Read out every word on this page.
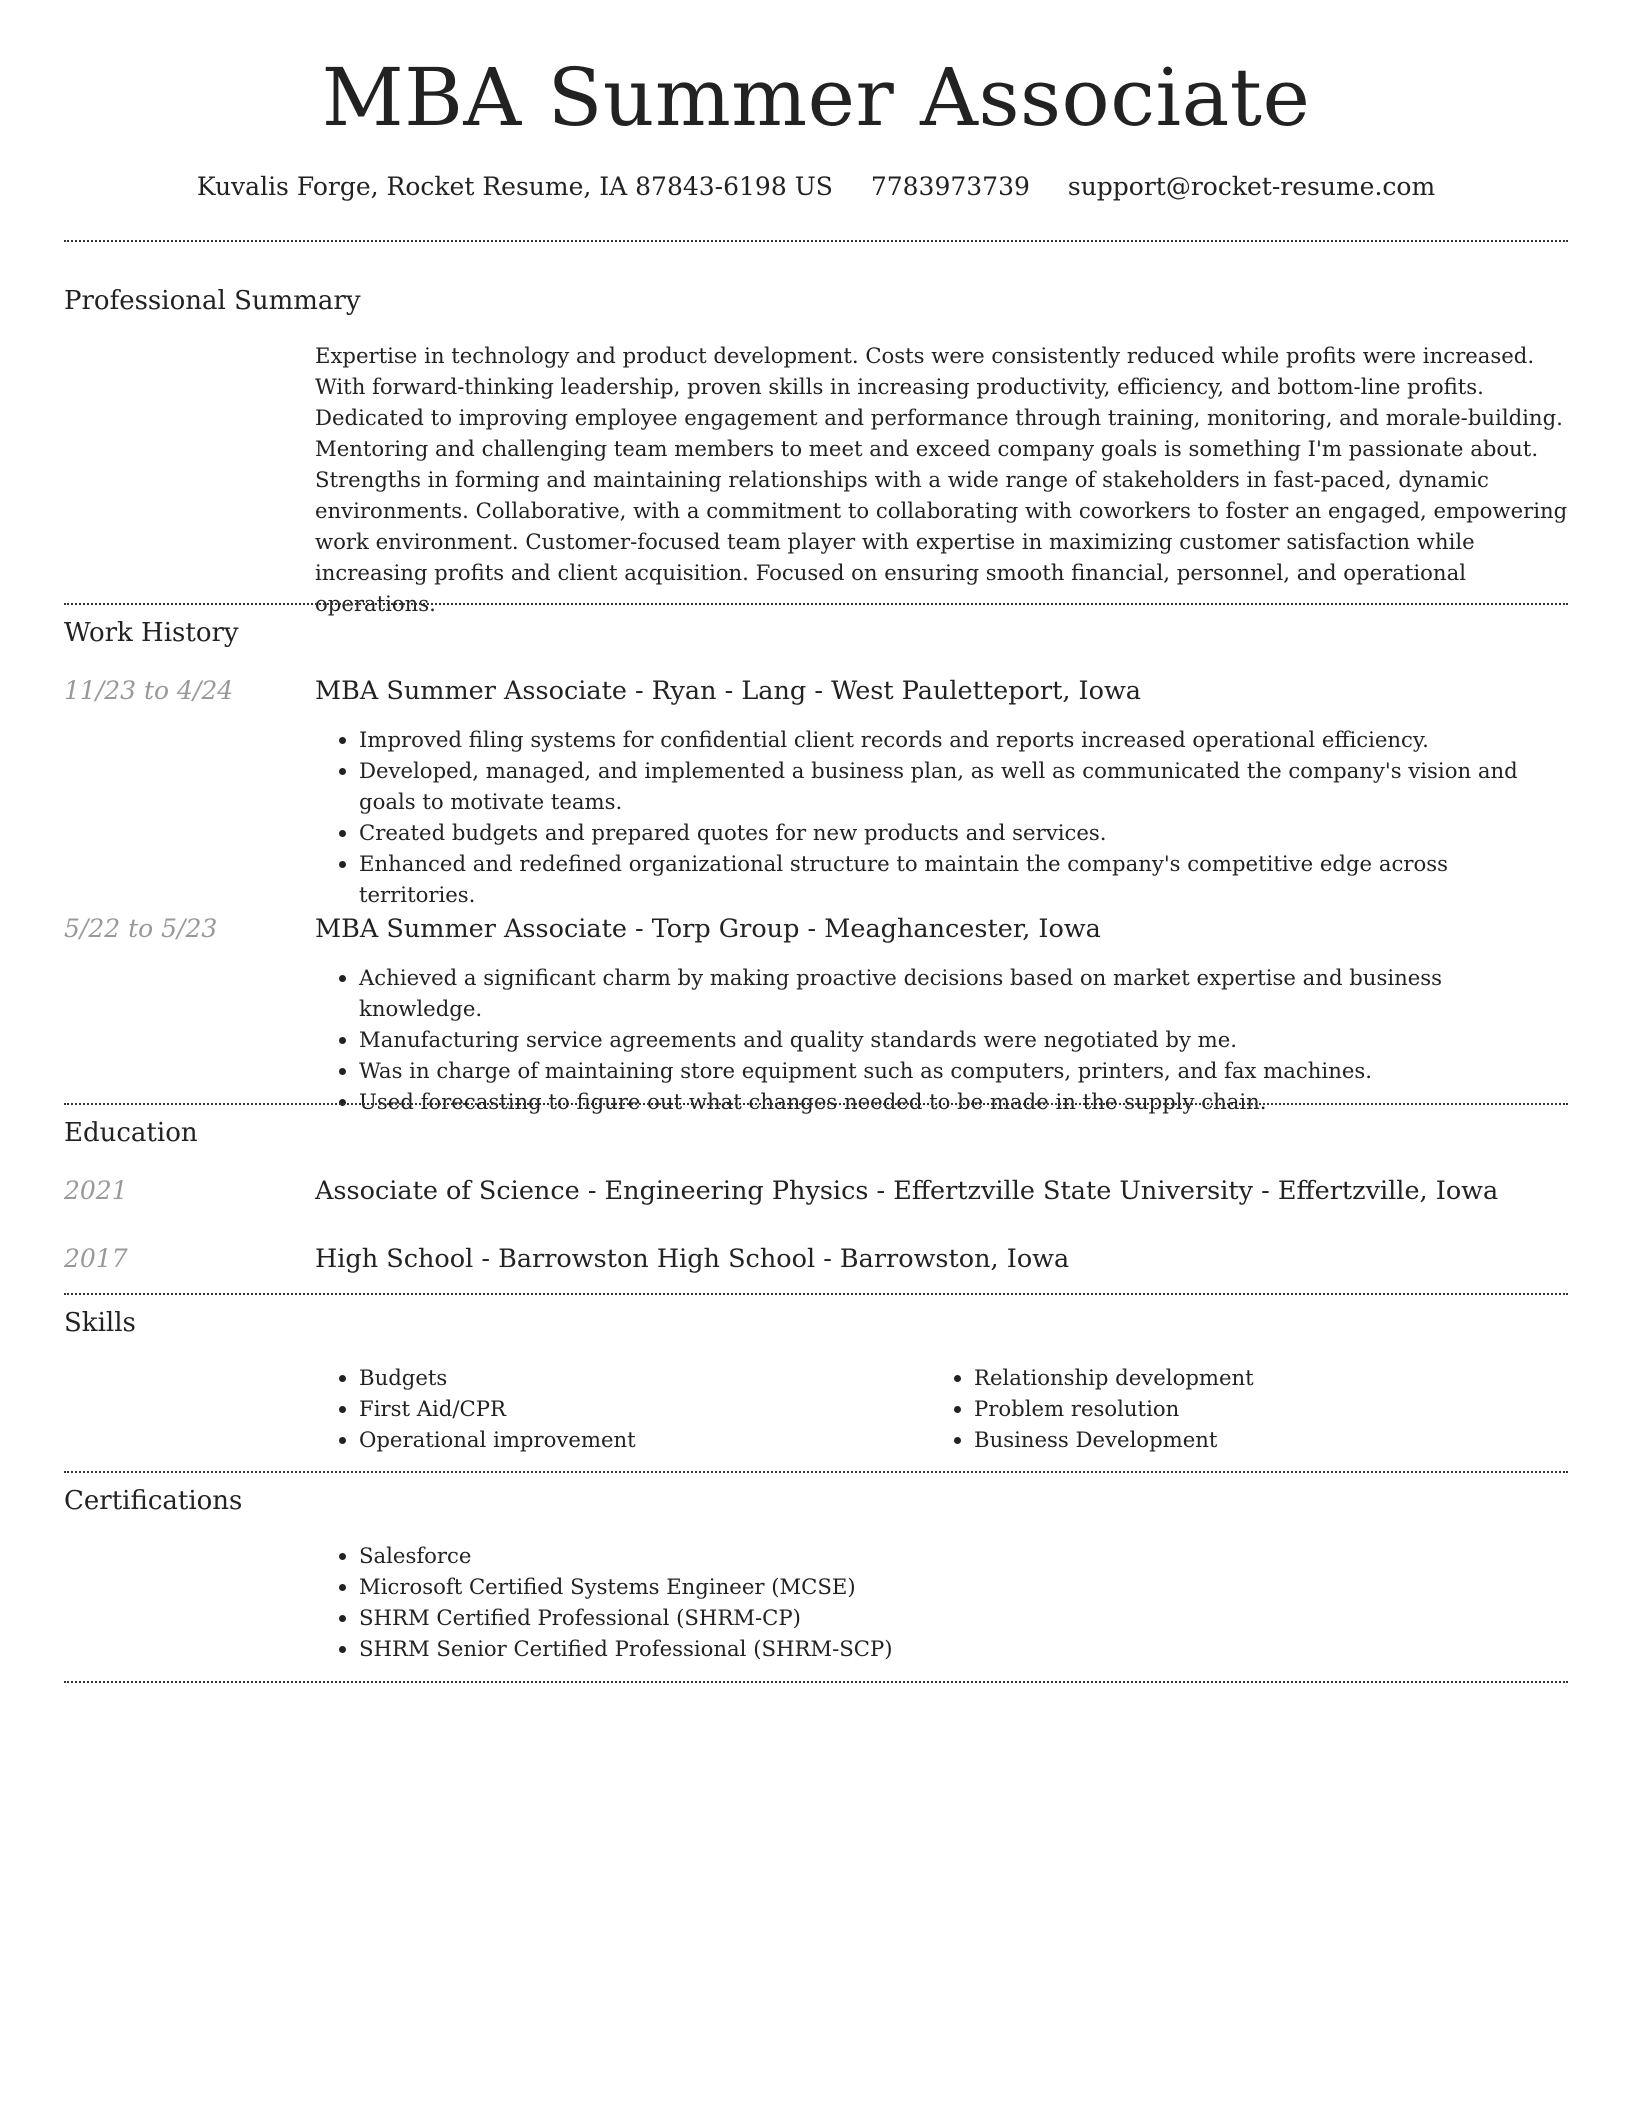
MBA Summer Associate
Kuvalis Forge, Rocket Resume, IA 87843-6198 US 7783973739 support@rocket-resume.com
Professional Summary

Expertise in technology and product development. Costs were consistently reduced while profits were increased. With forward-thinking leadership, proven skills in increasing productivity, efficiency, and bottom-line profits. Dedicated to improving employee engagement and performance through training, monitoring, and morale-building. Mentoring and challenging team members to meet and exceed company goals is something I'm passionate about. Strengths in forming and maintaining relationships with a wide range of stakeholders in fast-paced, dynamic environments. Collaborative, with a commitment to collaborating with coworkers to foster an engaged, empowering work environment. Customer-focused team player with expertise in maximizing customer satisfaction while increasing profits and client acquisition. Focused on ensuring smooth financial, personnel, and operational operations.

Work History
11/23 to 4/24	MBA Summer Associate - Ryan - Lang - West Pauletteport, Iowa
• Improved filing systems for confidential client records and reports increased operational efficiency.
• Developed, managed, and implemented a business plan, as well as communicated the company's vision and goals to motivate teams.
• Created budgets and prepared quotes for new products and services.
• Enhanced and redefined organizational structure to maintain the company's competitive edge across territories.
5/22 to 5/23	MBA Summer Associate - Torp Group - Meaghancester, Iowa
• Achieved a significant charm by making proactive decisions based on market expertise and business knowledge.
• Manufacturing service agreements and quality standards were negotiated by me.
• Was in charge of maintaining store equipment such as computers, printers, and fax machines.
• Used forecasting to figure out what changes needed to be made in the supply chain.
Education
2021	Associate of Science - Engineering Physics - Effertzville State University - Effertzville, Iowa
2017	High School - Barrowston High School - Barrowston, Iowa
Skills
• Budgets
• First Aid/CPR
• Operational improvement
• Relationship development
• Problem resolution
• Business Development
Certifications
• Salesforce
• Microsoft Certified Systems Engineer (MCSE)
• SHRM Certified Professional (SHRM-CP)
• SHRM Senior Certified Professional (SHRM-SCP)
